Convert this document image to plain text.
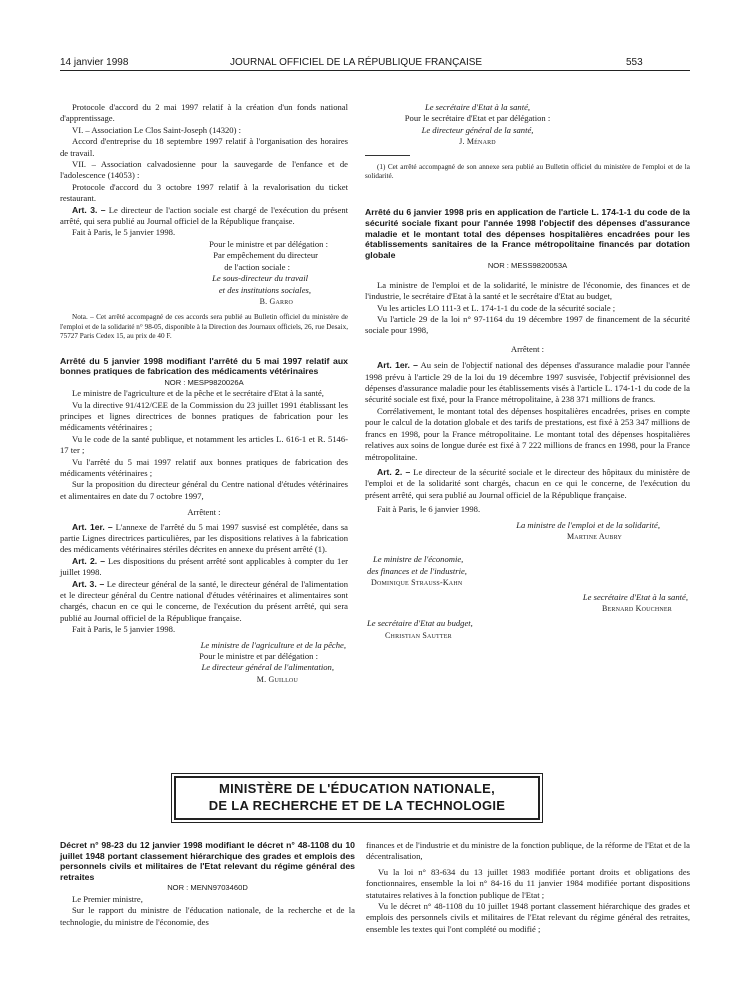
14 janvier 1998	JOURNAL OFFICIEL DE LA RÉPUBLIQUE FRANÇAISE	553

Protocole d'accord du 2 mai 1997 relatif à la création d'un fonds national d'apprentissage.

VI. – Association Le Clos Saint-Joseph (14320) :

Accord d'entreprise du 18 septembre 1997 relatif à l'organisation des horaires de travail.

VII. – Association calvadosienne pour la sauvegarde de l'enfance et de l'adolescence (14053) :

Protocole d'accord du 3 octobre 1997 relatif à la revalorisation du ticket restaurant.

Art. 3. – Le directeur de l'action sociale est chargé de l'exécution du présent arrêté, qui sera publié au Journal officiel de la République française.

Fait à Paris, le 5 janvier 1998.

Pour le ministre et par délégation :

Par empêchement du directeur

de l'action sociale :

Le sous-directeur du travail

et des institutions sociales,

B. Garro

Nota. – Cet arrêté accompagné de ces accords sera publié au Bulletin officiel du ministère de l'emploi et de la solidarité n° 98-05, disponible à la Direction des Journaux officiels, 26, rue Desaix, 75727 Paris Cedex 15, au prix de 40 F.

Arrêté du 5 janvier 1998 modifiant l'arrêté du 5 mai 1997 relatif aux bonnes pratiques de fabrication des médicaments vétérinaires

NOR : MESP9820026A

Le ministre de l'agriculture et de la pêche et le secrétaire d'Etat à la santé,

Vu la directive 91/412/CEE de la Commission du 23 juillet 1991 établissant les principes et lignes directrices de bonnes pratiques de fabrication pour les médicaments vétérinaires ;

Vu le code de la santé publique, et notamment les articles L. 616-1 et R. 5146-17 ter ;

Vu l'arrêté du 5 mai 1997 relatif aux bonnes pratiques de fabrication des médicaments vétérinaires ;

Sur la proposition du directeur général du Centre national d'études vétérinaires et alimentaires en date du 7 octobre 1997,

Arrêtent :

Art. 1er. – L'annexe de l'arrêté du 5 mai 1997 susvisé est complétée, dans sa partie Lignes directrices particulières, par les dispositions relatives à la fabrication des médicaments vétérinaires stériles décrites en annexe du présent arrêté (1).

Art. 2. – Les dispositions du présent arrêté sont applicables à compter du 1er juillet 1998.

Art. 3. – Le directeur général de la santé, le directeur général de l'alimentation et le directeur général du Centre national d'études vétérinaires et alimentaires sont chargés, chacun en ce qui le concerne, de l'exécution du présent arrêté, qui sera publié au Journal officiel de la République française.

Fait à Paris, le 5 janvier 1998.

Le ministre de l'agriculture et de la pêche,

Pour le ministre et par délégation :

Le directeur général de l'alimentation,

M. Guillou

Le secrétaire d'Etat à la santé,

Pour le secrétaire d'Etat et par délégation :

Le directeur général de la santé,

J. Ménard

(1) Cet arrêté accompagné de son annexe sera publié au Bulletin officiel du ministère de l'emploi et de la solidarité.

Arrêté du 6 janvier 1998 pris en application de l'article L. 174-1-1 du code de la sécurité sociale fixant pour l'année 1998 l'objectif des dépenses d'assurance maladie et le montant total des dépenses hospitalières encadrées pour les établissements sanitaires de la France métropolitaine financés par dotation globale

NOR : MESS9820053A

La ministre de l'emploi et de la solidarité, le ministre de l'économie, des finances et de l'industrie, le secrétaire d'Etat à la santé et le secrétaire d'Etat au budget,

Vu les articles LO 111-3 et L. 174-1-1 du code de la sécurité sociale ;

Vu l'article 29 de la loi n° 97-1164 du 19 décembre 1997 de financement de la sécurité sociale pour 1998,

Arrêtent :

Art. 1er. – Au sein de l'objectif national des dépenses d'assurance maladie pour l'année 1998 prévu à l'article 29 de la loi du 19 décembre 1997 susvisée, l'objectif prévisionnel des dépenses d'assurance maladie pour les établissements visés à l'article L. 174-1-1 du code de la sécurité sociale est fixé, pour la France métropolitaine, à 238 371 millions de francs.

Corrélativement, le montant total des dépenses hospitalières encadrées, prises en compte pour le calcul de la dotation globale et des tarifs de prestations, est fixé à 253 347 millions de francs en 1998, pour la France métropolitaine. Le montant total des dépenses hospitalières relatives aux soins de longue durée est fixé à 7 222 millions de francs en 1998, pour la France métropolitaine.

Art. 2. – Le directeur de la sécurité sociale et le directeur des hôpitaux du ministère de l'emploi et de la solidarité sont chargés, chacun en ce qui le concerne, de l'exécution du présent arrêté, qui sera publié au Journal officiel de la République française.

Fait à Paris, le 6 janvier 1998.

La ministre de l'emploi et de la solidarité,

Martine Aubry

Le ministre de l'économie,

des finances et de l'industrie,

Dominique Strauss-Kahn

Le secrétaire d'Etat à la santé,

Bernard Kouchner

Le secrétaire d'Etat au budget,

Christian Sautter

MINISTÈRE DE L'ÉDUCATION NATIONALE,
DE LA RECHERCHE ET DE LA TECHNOLOGIE

Décret n° 98-23 du 12 janvier 1998 modifiant le décret n° 48-1108 du 10 juillet 1948 portant classement hiérarchique des grades et emplois des personnels civils et militaires de l'Etat relevant du régime général des retraites

NOR : MENN9703460D

Le Premier ministre,

Sur le rapport du ministre de l'éducation nationale, de la recherche et de la technologie, du ministre de l'économie, des

finances et de l'industrie et du ministre de la fonction publique, de la réforme de l'Etat et de la décentralisation,

Vu la loi n° 83-634 du 13 juillet 1983 modifiée portant droits et obligations des fonctionnaires, ensemble la loi n° 84-16 du 11 janvier 1984 modifiée portant dispositions statutaires relatives à la fonction publique de l'Etat ;

Vu le décret n° 48-1108 du 10 juillet 1948 portant classement hiérarchique des grades et emplois des personnels civils et militaires de l'Etat relevant du régime général des retraites, ensemble les textes qui l'ont complété ou modifié ;
